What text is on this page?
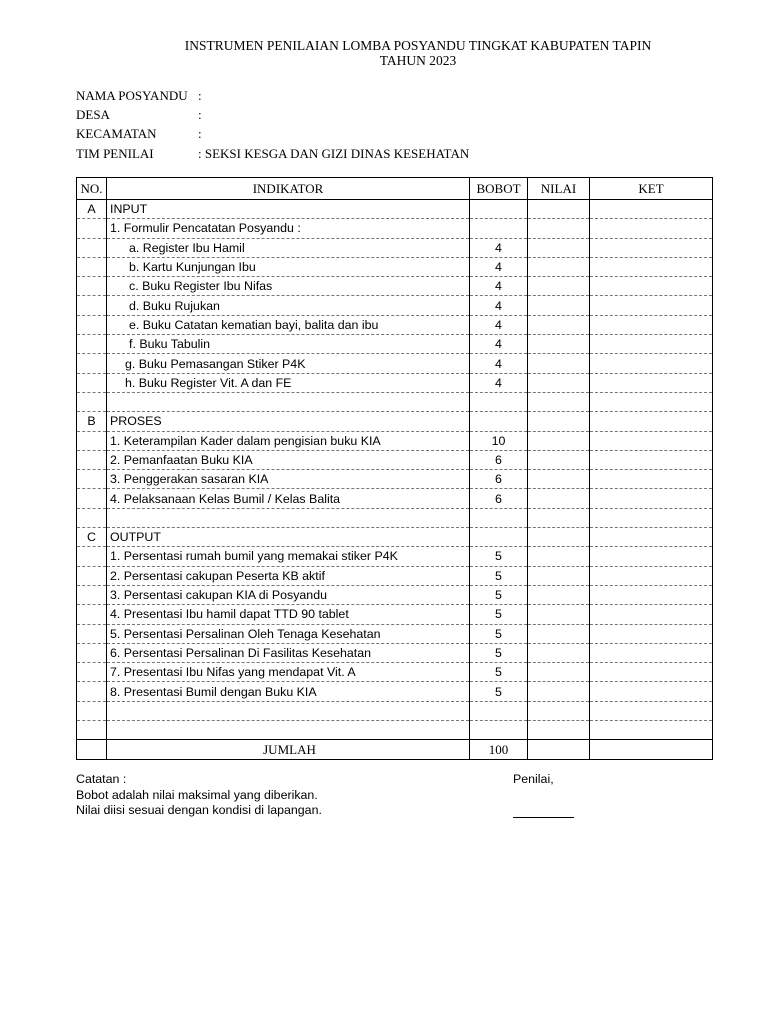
INSTRUMEN PENILAIAN LOMBA POSYANDU TINGKAT KABUPATEN TAPIN
TAHUN 2023
NAMA POSYANDU :
DESA	:
KECAMATAN	:
TIM PENILAI	: SEKSI KESGA DAN GIZI DINAS KESEHATAN
NO.	INDIKATOR	BOBOT	NILAI	KET
A	INPUT			
	1. Formulir Pencatatan Posyandu :			
	a. Register Ibu Hamil	4		
	b. Kartu Kunjungan Ibu	4		
	c. Buku Register Ibu Nifas	4		
	d. Buku Rujukan	4		
	e. Buku Catatan kematian bayi, balita dan ibu	4		
	f. Buku Tabulin	4		
	g. Buku Pemasangan Stiker P4K	4		
	h. Buku Register Vit. A dan FE	4		

B	PROSES			
	1. Keterampilan Kader dalam pengisian buku KIA	10		
	2. Pemanfaatan Buku KIA	6		
	3. Penggerakan sasaran KIA	6		
	4. Pelaksanaan Kelas Bumil / Kelas Balita	6		

C	OUTPUT			
	1. Persentasi rumah bumil yang memakai stiker P4K	5		
	2. Persentasi cakupan Peserta KB aktif	5		
	3. Persentasi cakupan KIA di Posyandu	5		
	4. Presentasi Ibu hamil dapat TTD 90 tablet	5		
	5. Persentasi Persalinan Oleh Tenaga Kesehatan	5		
	6. Persentasi Persalinan Di Fasilitas Kesehatan	5		
	7. Presentasi Ibu Nifas yang mendapat Vit. A	5		
	8. Presentasi Bumil dengan Buku KIA	5		

	JUMLAH	100		
Catatan :
Bobot adalah nilai maksimal yang diberikan.
Nilai diisi sesuai dengan kondisi di lapangan.
Penilai,
